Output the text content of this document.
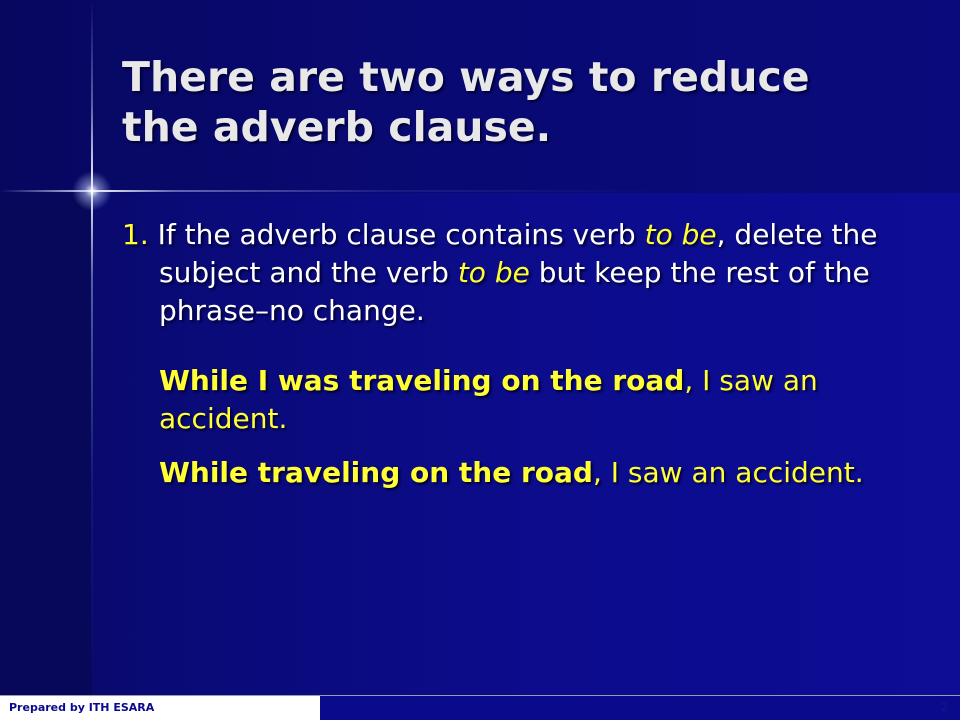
There are two ways to reduce
the adverb clause.

1. If the adverb clause contains verb to be, delete the subject and the verb to be but keep the rest of the phrase–no change.

While I was traveling on the road, I saw an accident.

While traveling on the road, I saw an accident.

Prepared by ITH ESARA	2
